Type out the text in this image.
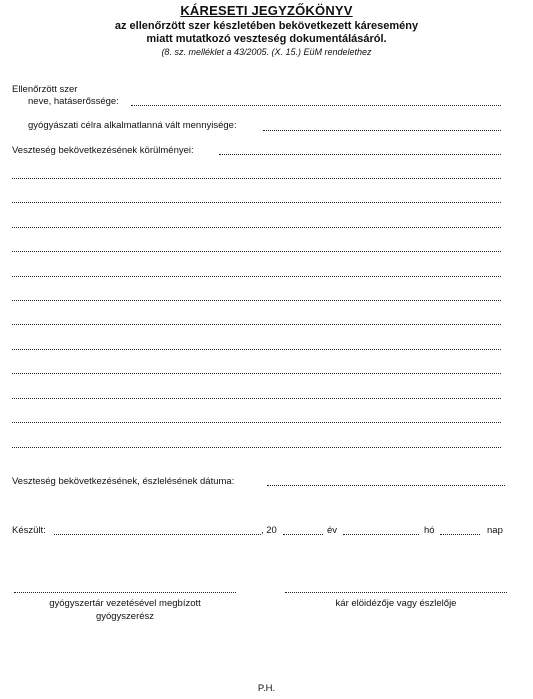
KÁRESETI JEGYZŐKÖNYV
az ellenőrzött szer készletében bekövetkezett káresemény
miatt mutatkozó veszteség dokumentálásáról.
(8. sz. melléklet a 43/2005. (X. 15.) EüM rendelethez
Ellenőrzött szer
neve, hatáserőssége:
gyógyászati célra alkalmatlanná vált mennyisége:
Veszteség bekövetkezésének körülményei:
Veszteség bekövetkezésének, észlelésének dátuma:
Készült:	, 20	év	hó	nap
gyógyszertár vezetésével megbízott
gyógyszerész
kár elöidézője vagy észlelője
P.H.
